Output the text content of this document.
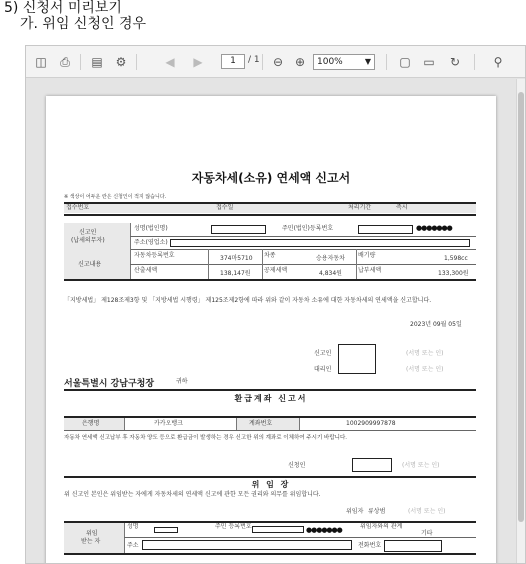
5) 신청서 미리보기
가. 위임 신청인 경우
◫	⎙	▤	⚙	◀	▶	1	/ 1	⊖ ⊕	100%	▼ ▢ ▭	↻	⚲
자동차세(소유) 연세액 신고서
※ 색상이 어두운 란은 신청인이 적지 않습니다.
접수번호	접수일	처리기간	즉시
신고인
(납세의무자)
성명(법인명)	주민(법인)등록번호	●●●●●●●
주소(영업소)
신고내용
자동차등록번호	374마5710 차종	승용자동차 배기량	1,598cc
산출세액	138,147원 공제세액	4,834원	납부세액	133,300원
「지방세법」 제128조제3항 및 「지방세법 시행령」 제125조제2항에 따라 위와 같이 자동차 소유에 대한 자동차세의 연세액을 신고합니다.
2023년 09월 05일
신고인
대리인
(서명 또는 인)
(서명 또는 인)
서울특별시 강남구청장	귀하
환급계좌 신고서
은행명	카카오뱅크	계좌번호	1002909997878
자동차 연세액 신고납부 후 자동차 양도 등으로 환급금이 발생하는 경우 신고한 위의 계좌로 이체하여 주시기 바랍니다.
신청인	(서명 또는 인)
위 임 장
위 신고인 본인은 위임받는 자에게 자동차세의 연세액 신고에 관한 모든 권리와 의무를 위임합니다.
위임자 류상범	(서명 또는 인)
위임
받는 자
성명	주민 등록번호	●●●●●●●	위임자와의 관계
기타
주소	전화번호
